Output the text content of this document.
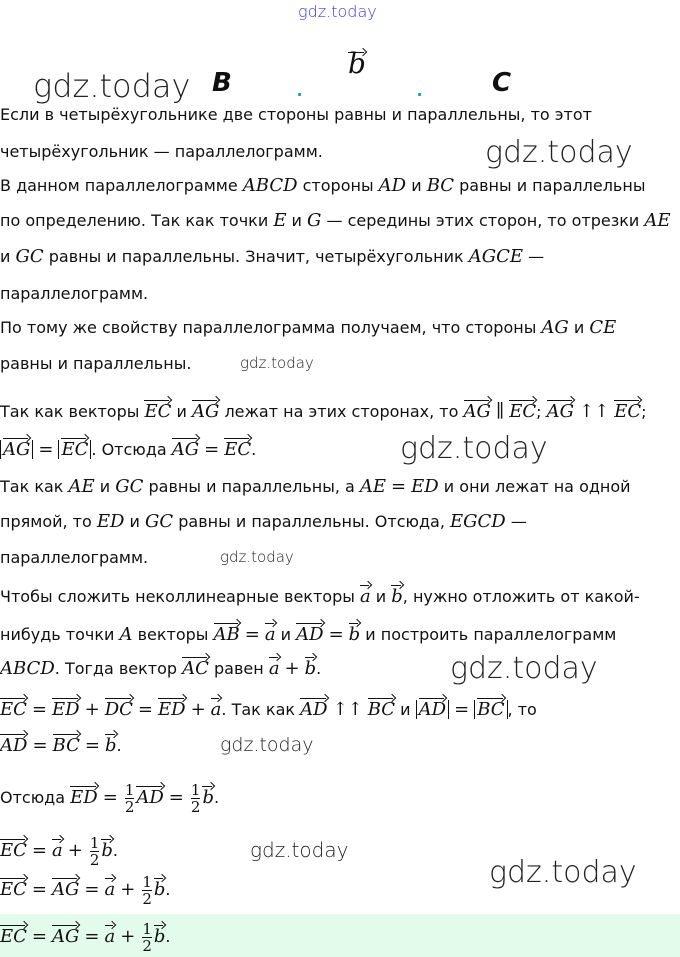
gdz.today
gdz.today B
b
C
Если в четырёхугольнике две стороны равны и параллельны, то этот
четырёхугольник — параллелограмм.
В данном параллелограмме ABCD стороны AD и BC равны и параллельны
по определению. Так как точки E и G — середины этих сторон, то отрезки AE
и GC равны и параллельны. Значит, четырёхугольник AGCE —
параллелограмм.
По тому же свойству параллелограмма получаем, что стороны AG и CE
равны и параллельны.
Так как векторы EC и AG лежат на этих сторонах, то AG ∥ EC; AG ↑↑ EC;
AG = EC . Отсюда AG = EC.
Так как AE и GC равны и параллельны, а AE = ED и они лежат на одной
прямой, то ED и GC равны и параллельны. Отсюда, EGCD —
параллелограмм.
Чтобы сложить неколлинеарные векторы a и b, нужно отложить от какой-
нибудь точки A векторы AB = a и AD = b и построить параллелограмм
ABCD. Тогда вектор AC равен a + b.
EC = ED + DC = ED + a. Так как AD ↑↑ BC и AD = BC , то
AD = BC = b.
Отсюда ED = $\frac{1}{2}$ AD = $\frac{1}{2} b$.
EC = $a + \frac{1}{2} b$.
EC = AG = $a + \frac{1}{2} b$.
EC = AG = $a + \frac{1}{2} b$.
gdz.today
gdz.today
gdz.today
gdz.today
gdz.today
gdz.today
gdz.today
gdz.today
